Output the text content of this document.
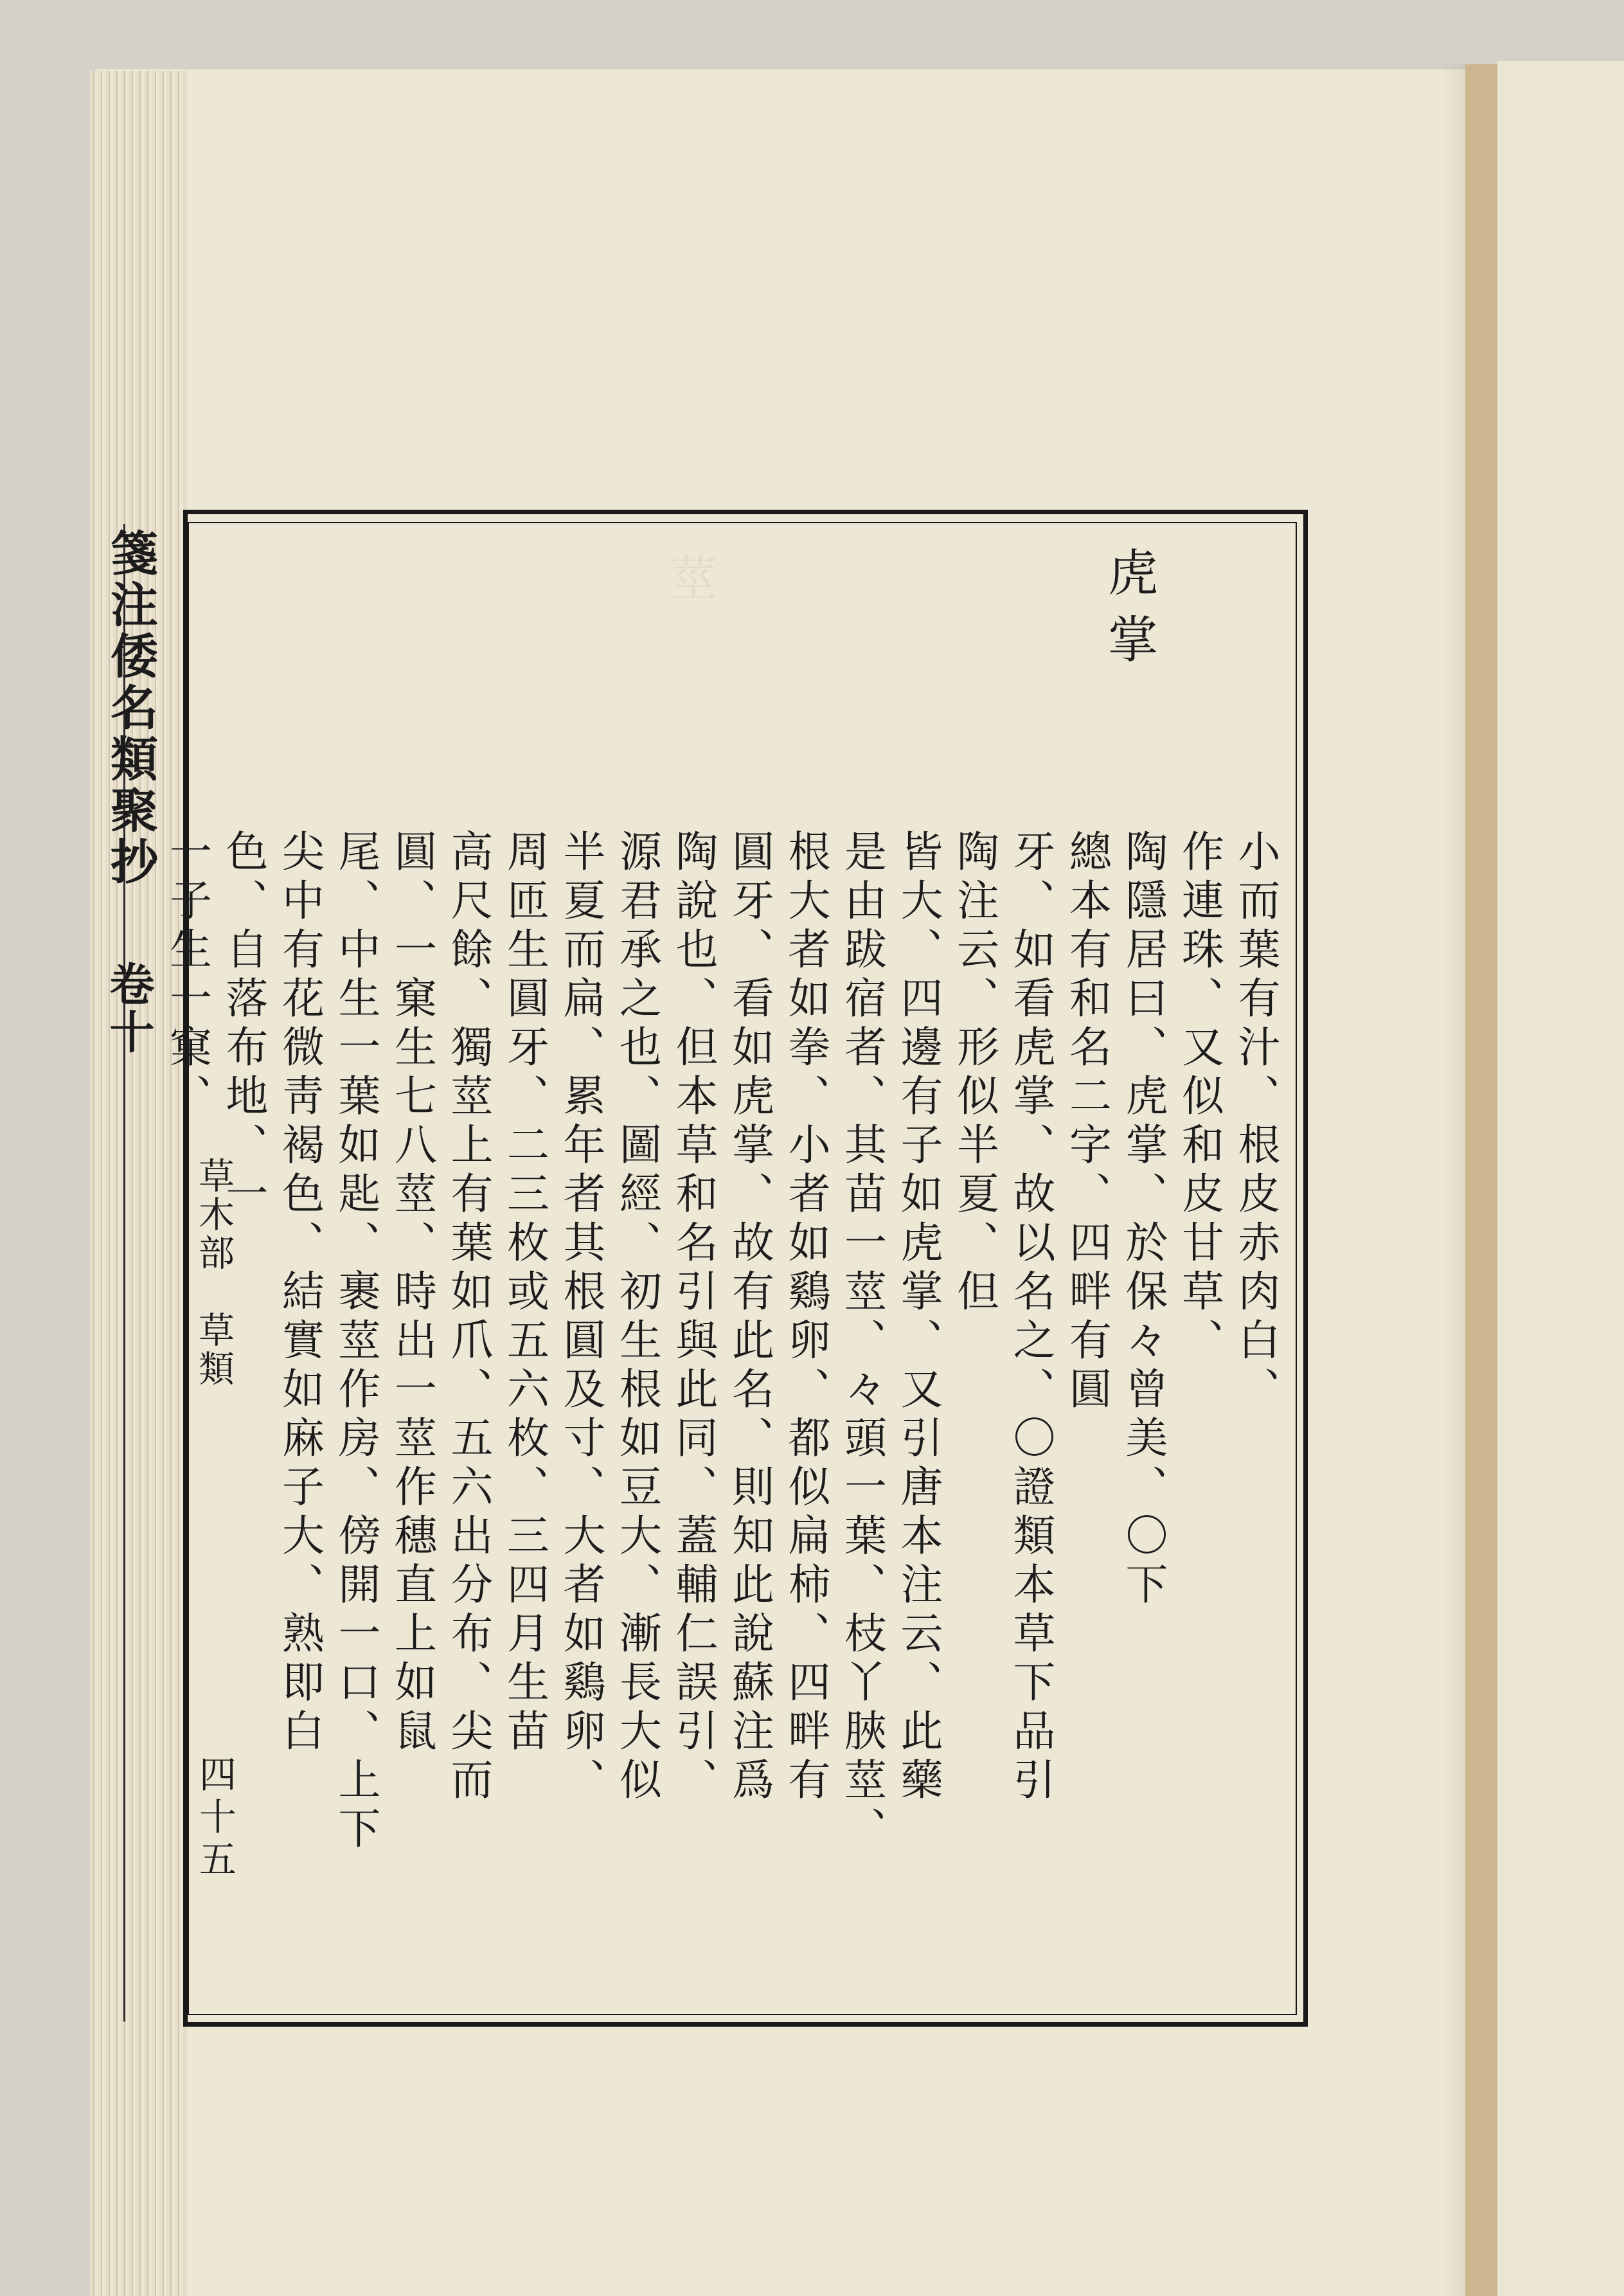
莖　　　　　
　　　	虎掌
小而葉有汁、根皮赤肉白、
作連珠、又似和皮甘草、
陶隱居曰、虎掌、於保々曾美、〇下
總本有和名二字、四畔有圓
牙、如看虎掌、故以名之、〇證類本草下品引
陶注云、形似半夏、但
皆大、四邊有子如虎掌、又引唐本注云、此藥
是由跋宿者、其苗一莖、々頭一葉、枝丫脥莖、
根大者如拳、小者如鷄卵、都似扁柿、四畔有
圓牙、看如虎掌、故有此名、則知此說蘇注爲
陶說也、但本草和名引與此同、蓋輔仁誤引、
源君承之也、圖經、初生根如豆大、漸長大似
半夏而扁、累年者其根圓及寸、大者如鷄卵、
周匝生圓牙、二三枚或五六枚、三四月生苗
高尺餘、獨莖上有葉如爪、五六出分布、尖而
圓、一窠生七八莖、時出一莖作穗直上如鼠
尾、中生一葉如匙、裹莖作房、傍開一口、上下
尖中有花微靑褐色、結實如麻子大、熟即白
色、自落布地、一
一子生一窠、
箋注倭名類聚抄
卷十
草木部　草類
四十五
